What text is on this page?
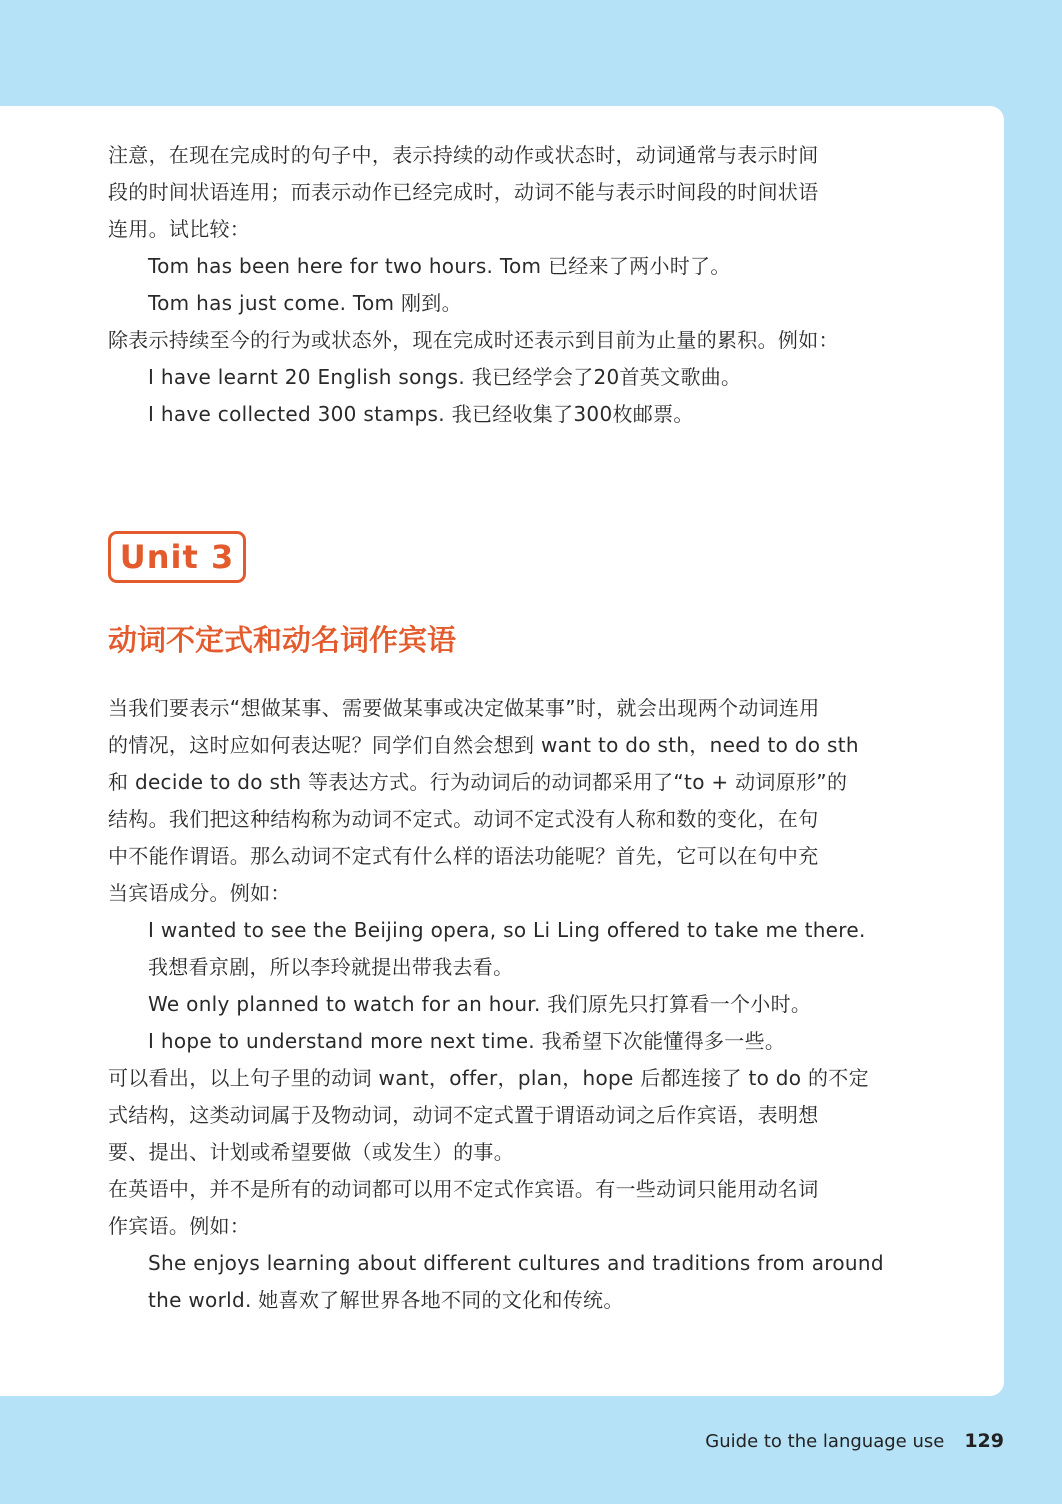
注意，在现在完成时的句子中，表示持续的动作或状态时，动词通常与表示时间

段的时间状语连用；而表示动作已经完成时，动词不能与表示时间段的时间状语

连用。试比较：

Tom has been here for two hours. Tom 已经来了两小时了。

Tom has just come. Tom 刚到。

除表示持续至今的行为或状态外，现在完成时还表示到目前为止量的累积。例如：

I have learnt 20 English songs. 我已经学会了20首英文歌曲。

I have collected 300 stamps. 我已经收集了300枚邮票。

Unit 3
动词不定式和动名词作宾语

当我们要表示“想做某事、需要做某事或决定做某事”时，就会出现两个动词连用

的情况，这时应如何表达呢？同学们自然会想到 want to do sth，need to do sth

和 decide to do sth 等表达方式。行为动词后的动词都采用了“to + 动词原形”的

结构。我们把这种结构称为动词不定式。动词不定式没有人称和数的变化，在句

中不能作谓语。那么动词不定式有什么样的语法功能呢？首先，它可以在句中充

当宾语成分。例如：

I wanted to see the Beijing opera, so Li Ling offered to take me there.

我想看京剧，所以李玲就提出带我去看。

We only planned to watch for an hour. 我们原先只打算看一个小时。

I hope to understand more next time. 我希望下次能懂得多一些。

可以看出，以上句子里的动词 want，offer，plan，hope 后都连接了 to do 的不定

式结构，这类动词属于及物动词，动词不定式置于谓语动词之后作宾语，表明想

要、提出、计划或希望要做（或发生）的事。

在英语中，并不是所有的动词都可以用不定式作宾语。有一些动词只能用动名词

作宾语。例如：

She enjoys learning about different cultures and traditions from around

the world. 她喜欢了解世界各地不同的文化和传统。

Guide to the language use 129
